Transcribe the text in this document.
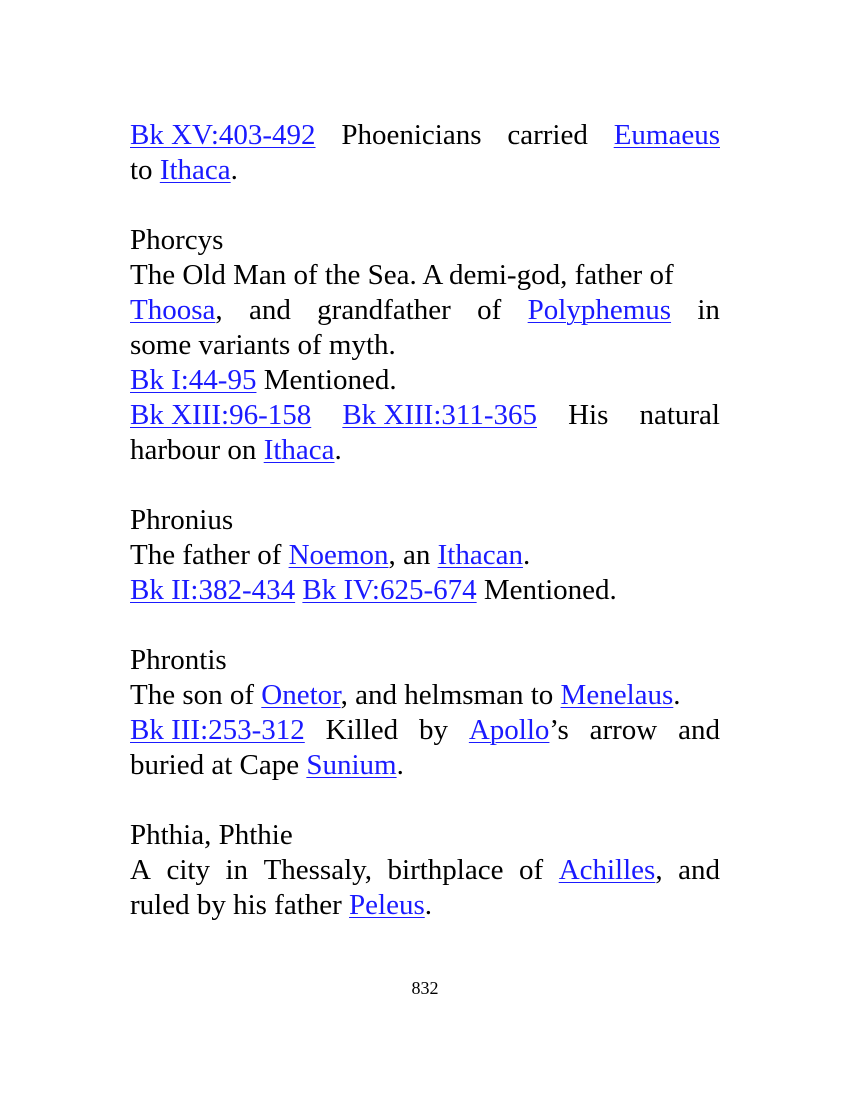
Bk XV:403-492 Phoenicians carried Eumaeus
to Ithaca.
Phorcys
The Old Man of the Sea. A demi-god, father of
Thoosa, and grandfather of Polyphemus in
some variants of myth.
Bk I:44-95 Mentioned.
Bk XIII:96-158 Bk XIII:311-365 His natural
harbour on Ithaca.
Phronius
The father of Noemon, an Ithacan.
Bk II:382-434 Bk IV:625-674 Mentioned.
Phrontis
The son of Onetor, and helmsman to Menelaus.
Bk III:253-312 Killed by Apollo’s arrow and
buried at Cape Sunium.
Phthia, Phthie
A city in Thessaly, birthplace of Achilles, and
ruled by his father Peleus.
832
